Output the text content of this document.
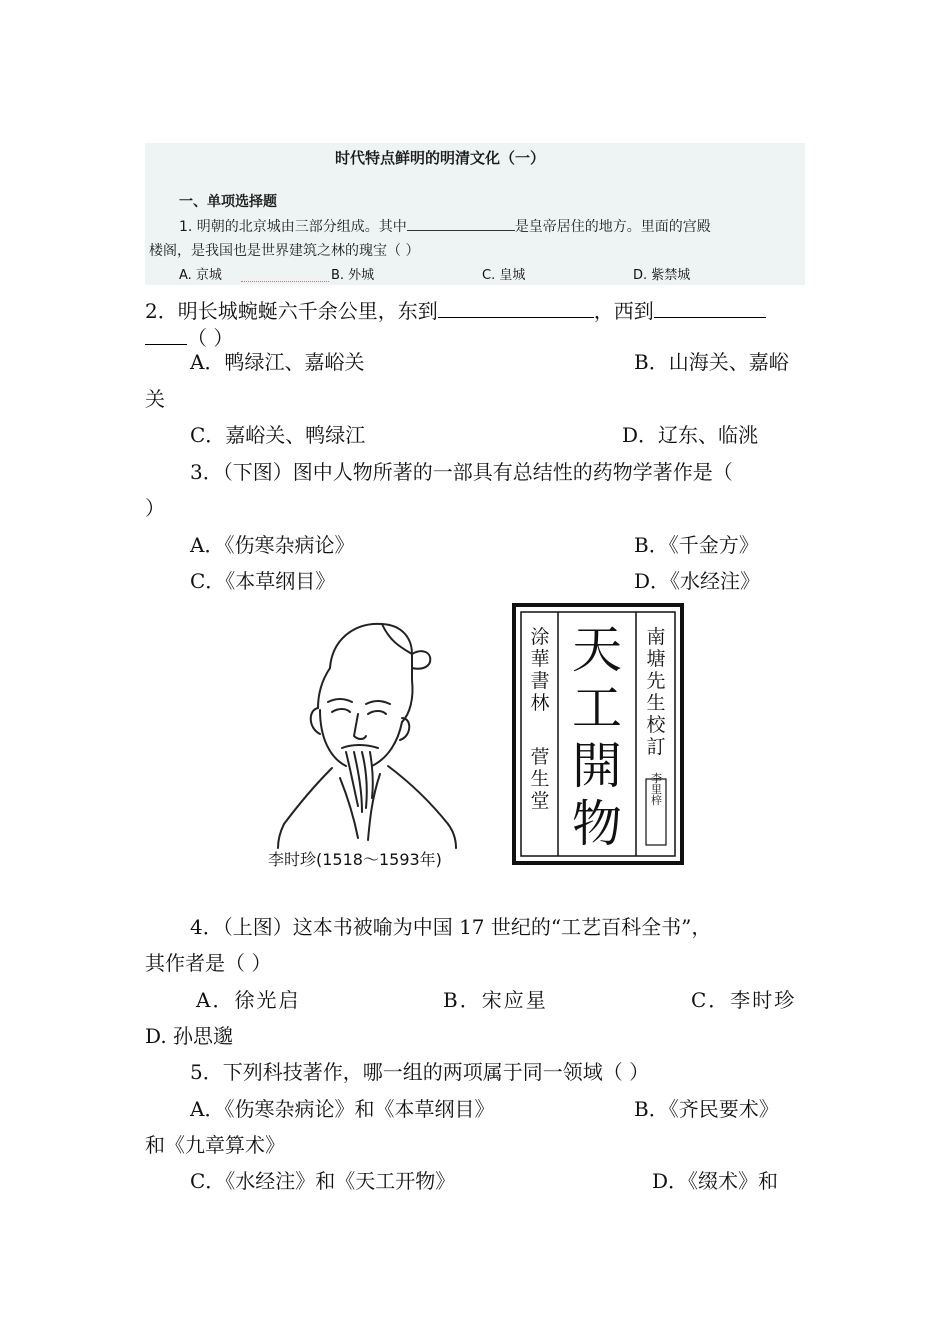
时代特点鲜明的明清文化（一）
一、单项选择题
1. 明朝的北京城由三部分组成。其中	是皇帝居住的地方。里面的宫殿
楼阁，是我国也是世界建筑之林的瑰宝（ ）
A. 京城	B. 外城	C. 皇城	D. 紫禁城
2．明长城蜿蜒六千余公里，东到	，西到
（ ）
A．鸭绿江、嘉峪关	B．山海关、嘉峪
关
C．嘉峪关、鸭绿江	D．辽东、临洮
3．（下图）图中人物所著的一部具有总结性的药物学著作是（
）
A．《伤寒杂病论》	B．《千金方》
C．《本草纲目》	D．《水经注》
李时珍(1518～1593年)
天
工
開
物
涂
華
書
林
菅
生
堂
南
塘
先
生
校
訂
李里梓
4．（上图）这本书被喻为中国 17 世纪的“工艺百科全书”，
其作者是（ ）
A．徐光启	B．宋应星	C．李时珍
D. 孙思邈
5．下列科技著作，哪一组的两项属于同一领域（ ）
A．《伤寒杂病论》和《本草纲目》	B．《齐民要术》
和《九章算术》
C．《水经注》和《天工开物》	D．《缀术》和
